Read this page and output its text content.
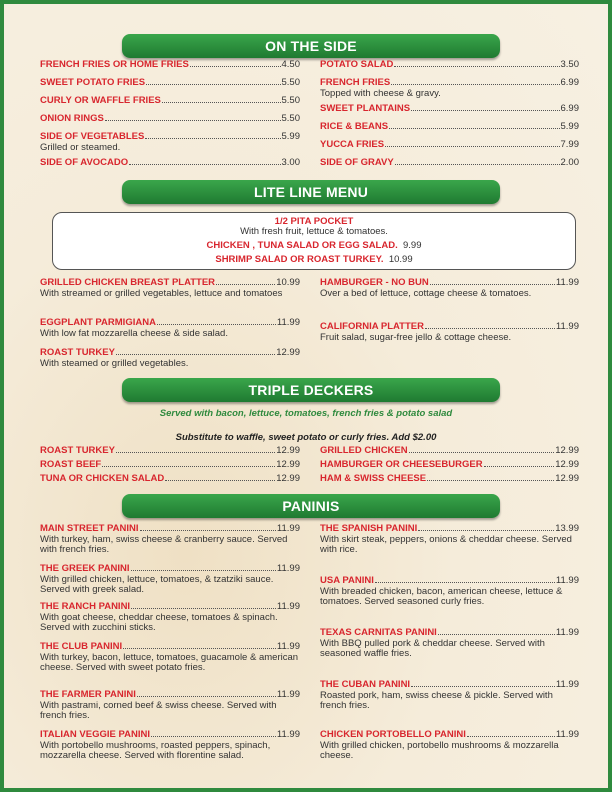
ON THE SIDE
FRENCH FRIES OR HOME FRIES	4.50
SWEET POTATO FRIES	5.50
CURLY OR WAFFLE FRIES	5.50
ONION RINGS	5.50
SIDE OF VEGETABLES	5.99
Grilled or steamed.
SIDE OF AVOCADO	3.00
POTATO SALAD	3.50
FRENCH FRIES	6.99
Topped with cheese & gravy.
SWEET PLANTAINS	6.99
RICE & BEANS	5.99
YUCCA FRIES	7.99
SIDE OF GRAVY	2.00
LITE LINE MENU
1/2 PITA POCKET
With fresh fruit, lettuce & tomatoes.
CHICKEN , TUNA SALAD OR EGG SALAD. 9.99
SHRIMP SALAD OR ROAST TURKEY. 10.99
GRILLED CHICKEN BREAST PLATTER	10.99
With streamed or grilled vegetables, lettuce and tomatoes
EGGPLANT PARMIGIANA	11.99
With low fat mozzarella cheese & side salad.
ROAST TURKEY	12.99
With steamed or grilled vegetables.
HAMBURGER - NO BUN	11.99
Over a bed of lettuce, cottage cheese & tomatoes.
CALIFORNIA PLATTER	11.99
Fruit salad, sugar-free jello & cottage cheese.
TRIPLE DECKERS
Served with bacon, lettuce, tomatoes, french fries & potato salad
Substitute to waffle, sweet potato or curly fries. Add $2.00
ROAST TURKEY	12.99
ROAST BEEF	12.99
TUNA OR CHICKEN SALAD	12.99
GRILLED CHICKEN	12.99
HAMBURGER OR CHEESEBURGER	12.99
HAM & SWISS CHEESE	12.99
PANINIS
MAIN STREET PANINI	11.99
With turkey, ham, swiss cheese & cranberry sauce. Served with french fries.
THE GREEK PANINI	11.99
With grilled chicken, lettuce, tomatoes, & tzatziki sauce. Served with greek salad.
THE RANCH PANINI	11.99
With goat cheese, cheddar cheese, tomatoes & spinach. Served with zucchini sticks.
THE CLUB PANINI	11.99
With turkey, bacon, lettuce, tomatoes, guacamole & american cheese. Served with sweet potato fries.
THE FARMER PANINI	11.99
With pastrami, corned beef & swiss cheese. Served with french fries.
ITALIAN VEGGIE PANINI	11.99
With portobello mushrooms, roasted peppers, spinach, mozzarella cheese. Served with florentine salad.
THE SPANISH PANINI	13.99
With skirt steak, peppers, onions & cheddar cheese. Served with rice.
USA PANINI	11.99
With breaded chicken, bacon, american cheese, lettuce & tomatoes. Served seasoned curly fries.
TEXAS CARNITAS PANINI	11.99
With BBQ pulled pork & cheddar cheese. Served with seasoned waffle fries.
THE CUBAN PANINI	11.99
Roasted pork, ham, swiss cheese & pickle. Served with french fries.
CHICKEN PORTOBELLO PANINI	11.99
With grilled chicken, portobello mushrooms & mozzarella cheese.
